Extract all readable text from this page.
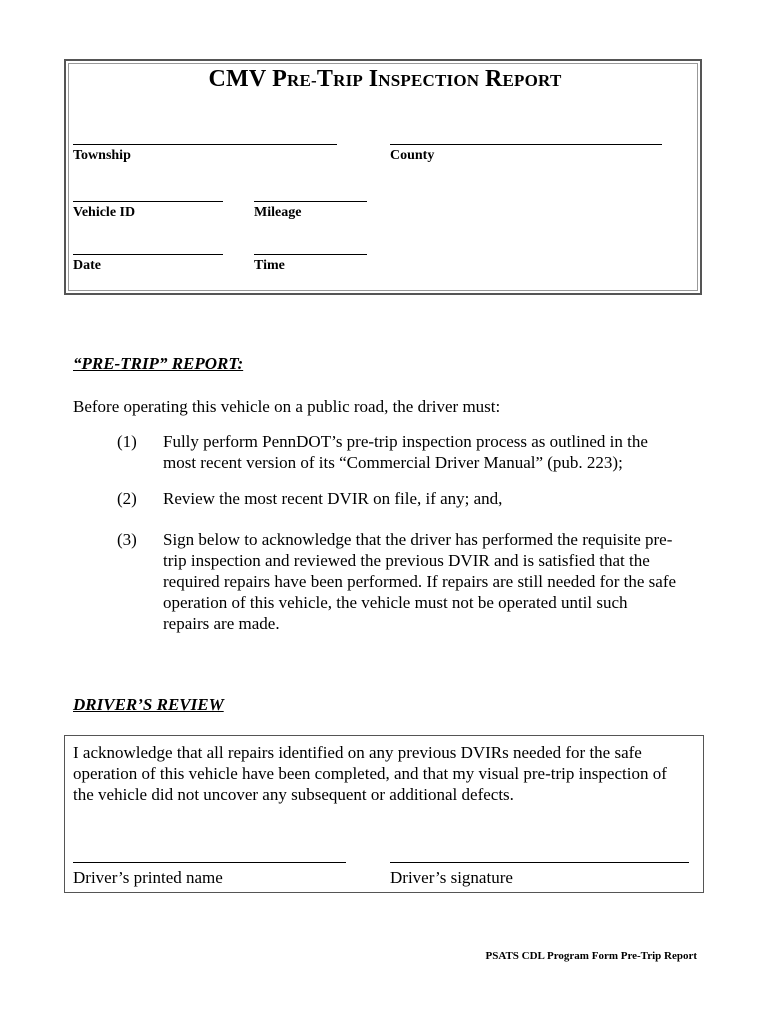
CMV PRE-TRIP INSPECTION REPORT
Township	County
Vehicle ID	Mileage
Date	Time
“PRE-TRIP” REPORT:
Before operating this vehicle on a public road, the driver must:
(1) Fully perform PennDOT’s pre-trip inspection process as outlined in the
most recent version of its “Commercial Driver Manual” (pub. 223);
(2) Review the most recent DVIR on file, if any; and,
(3) Sign below to acknowledge that the driver has performed the requisite pre-
trip inspection and reviewed the previous DVIR and is satisfied that the
required repairs have been performed. If repairs are still needed for the safe
operation of this vehicle, the vehicle must not be operated until such
repairs are made.
DRIVER’S REVIEW
I acknowledge that all repairs identified on any previous DVIRs needed for the safe
operation of this vehicle have been completed, and that my visual pre-trip inspection of
the vehicle did not uncover any subsequent or additional defects.
Driver’s printed name	Driver’s signature
PSATS CDL Program Form Pre-Trip Report
